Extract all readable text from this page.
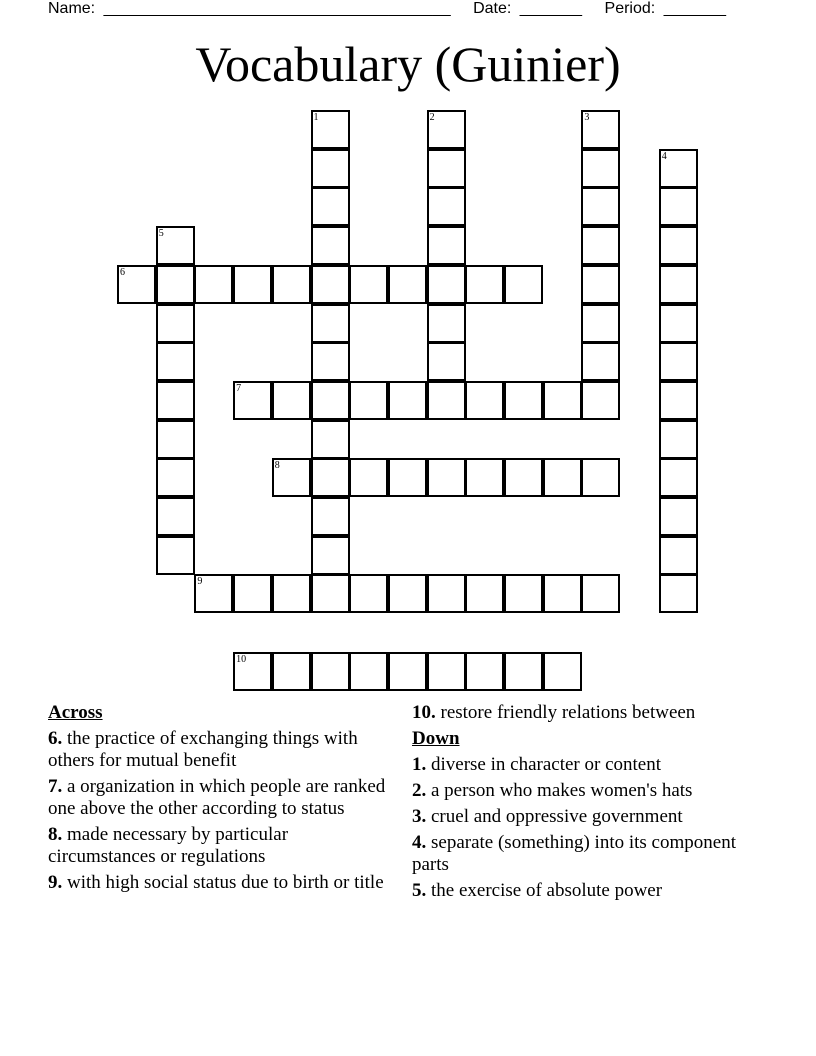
Name: _______________________________________ Date: _______ Period: _______
Vocabulary (Guinier)
6
7
8
9
10
1	2	3
4
5
Across
6. the practice of exchanging things with others for mutual benefit
7. a organization in which people are ranked one above the other according to status
8. made necessary by particular circumstances or regulations
9. with high social status due to birth or title
10. restore friendly relations between
Down
1. diverse in character or content
2. a person who makes women's hats
3. cruel and oppressive government
4. separate (something) into its component parts
5. the exercise of absolute power
